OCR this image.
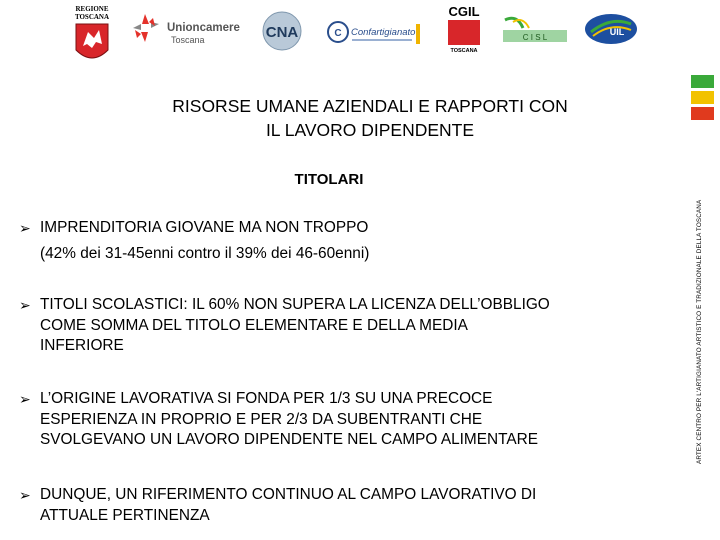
REGIONE
TOSCANA
Unioncamere
Toscana	CNA	C Confartigianato
CGIL
TOSCANA
C I S L
UIL
ARTEX CENTRO PER L'ARTIGIANATO ARTISTICO E TRADIZIONALE DELLA TOSCANA
RISORSE UMANE AZIENDALI E RAPPORTI CON
IL LAVORO DIPENDENTE
TITOLARI
➢ IMPRENDITORIA GIOVANE MA NON TROPPO
(42% dei 31-45enni contro il 39% dei 46-60enni)
➢ TITOLI SCOLASTICI: IL 60% NON SUPERA LA LICENZA DELL’OBBLIGO
COME SOMMA DEL TITOLO ELEMENTARE E DELLA MEDIA
INFERIORE
➢ L’ORIGINE LAVORATIVA SI FONDA PER 1/3 SU UNA PRECOCE
ESPERIENZA IN PROPRIO E PER 2/3 DA SUBENTRANTI CHE
SVOLGEVANO UN LAVORO DIPENDENTE NEL CAMPO ALIMENTARE
➢ DUNQUE, UN RIFERIMENTO CONTINUO AL CAMPO LAVORATIVO DI
ATTUALE PERTINENZA
